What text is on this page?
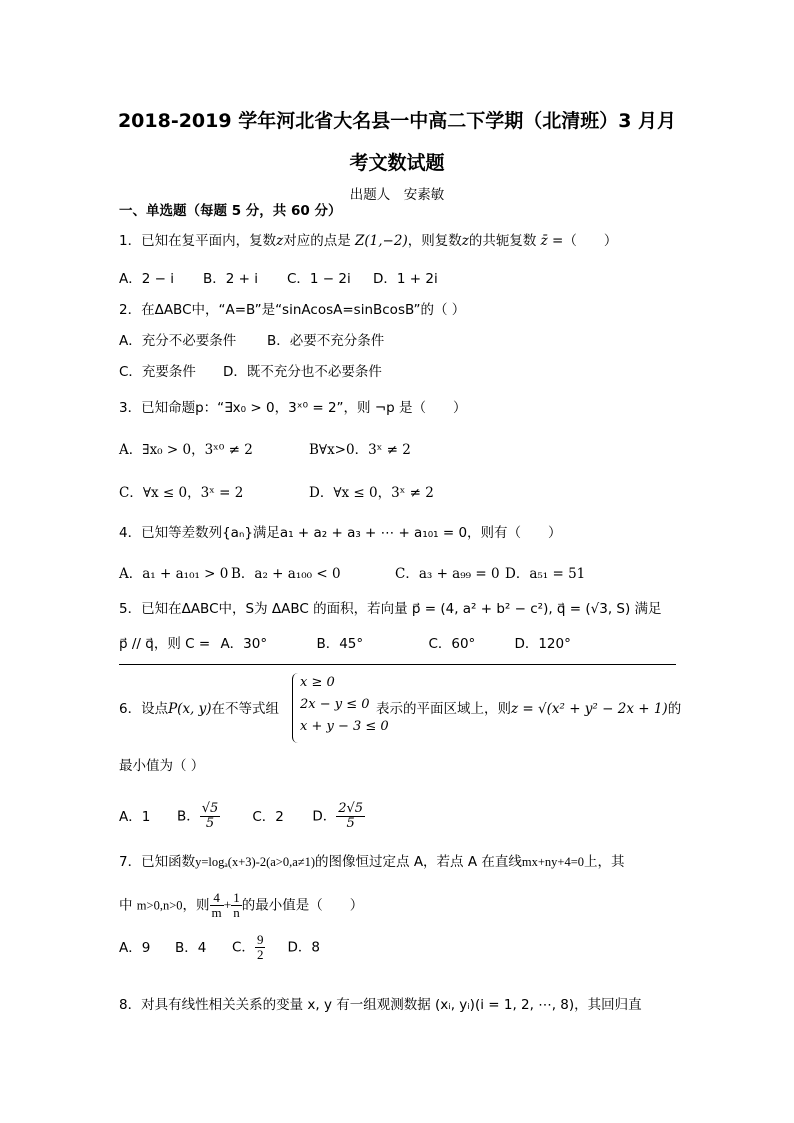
2018-2019 学年河北省大名县一中高二下学期（北清班）3 月月
考文数试题
出题人　安素敏
一、单选题（每题 5 分，共 60 分）
1．已知在复平面内，复数z对应的点是 Z(1,−2)，则复数z的共轭复数 z̄ =（　　）
A．2 − i B．2 + i C．1 − 2i D．1 + 2i
2．在ΔABC中，“A=B”是“sinAcosA=sinBcosB”的（ ）
A．充分不必要条件 B．必要不充分条件
C．充要条件 D．既不充分也不必要条件
3．已知命题p：“∃x₀ > 0，3ˣ⁰ = 2”，则 ¬p 是（　　）
A．∃x₀ > 0，3ˣ⁰ ≠ 2	B∀x>0．3ˣ ≠ 2
C．∀x ≤ 0，3ˣ = 2	D．∀x ≤ 0，3ˣ ≠ 2
4．已知等差数列{aₙ}满足a₁ + a₂ + a₃ + ⋯ + a₁₀₁ = 0，则有（　　）
A．a₁ + a₁₀₁ > 0 B．a₂ + a₁₀₀ < 0	C．a₃ + a₉₉ = 0 D．a₅₁ = 51
5．已知在ΔABC中，S为 ΔABC 的面积，若向量 p⃗ = (4, a² + b² − c²), q⃗ = (√3, S) 满足
p⃗ // q⃗，则 C = A．30°	B．45°	C．60°	D．120°
6．设点P(x, y)在不等式组
x ≥ 0
2x − y ≤ 0
x + y − 3 ≤ 0
表示的平面区域上，则z = √(x² + y² − 2x + 1)的
最小值为（ ）
A．1 B． $\frac{√5}{5}$ C．2 D． $\frac{2√5}{5}$
7．已知函数y=logₐ(x+3)-2(a>0,a≠1)的图像恒过定点 A，若点 A 在直线mx+ny+4=0上，其
中 m>0,n>0，则 $\frac{4}{m} + \frac{1}{n}$ 的最小值是（　　）
A．9 B．4 C． $\frac{9}{2}$ D．8
8．对具有线性相关关系的变量 x, y 有一组观测数据 (xᵢ, yᵢ)(i = 1, 2, ⋯, 8)，其回归直
